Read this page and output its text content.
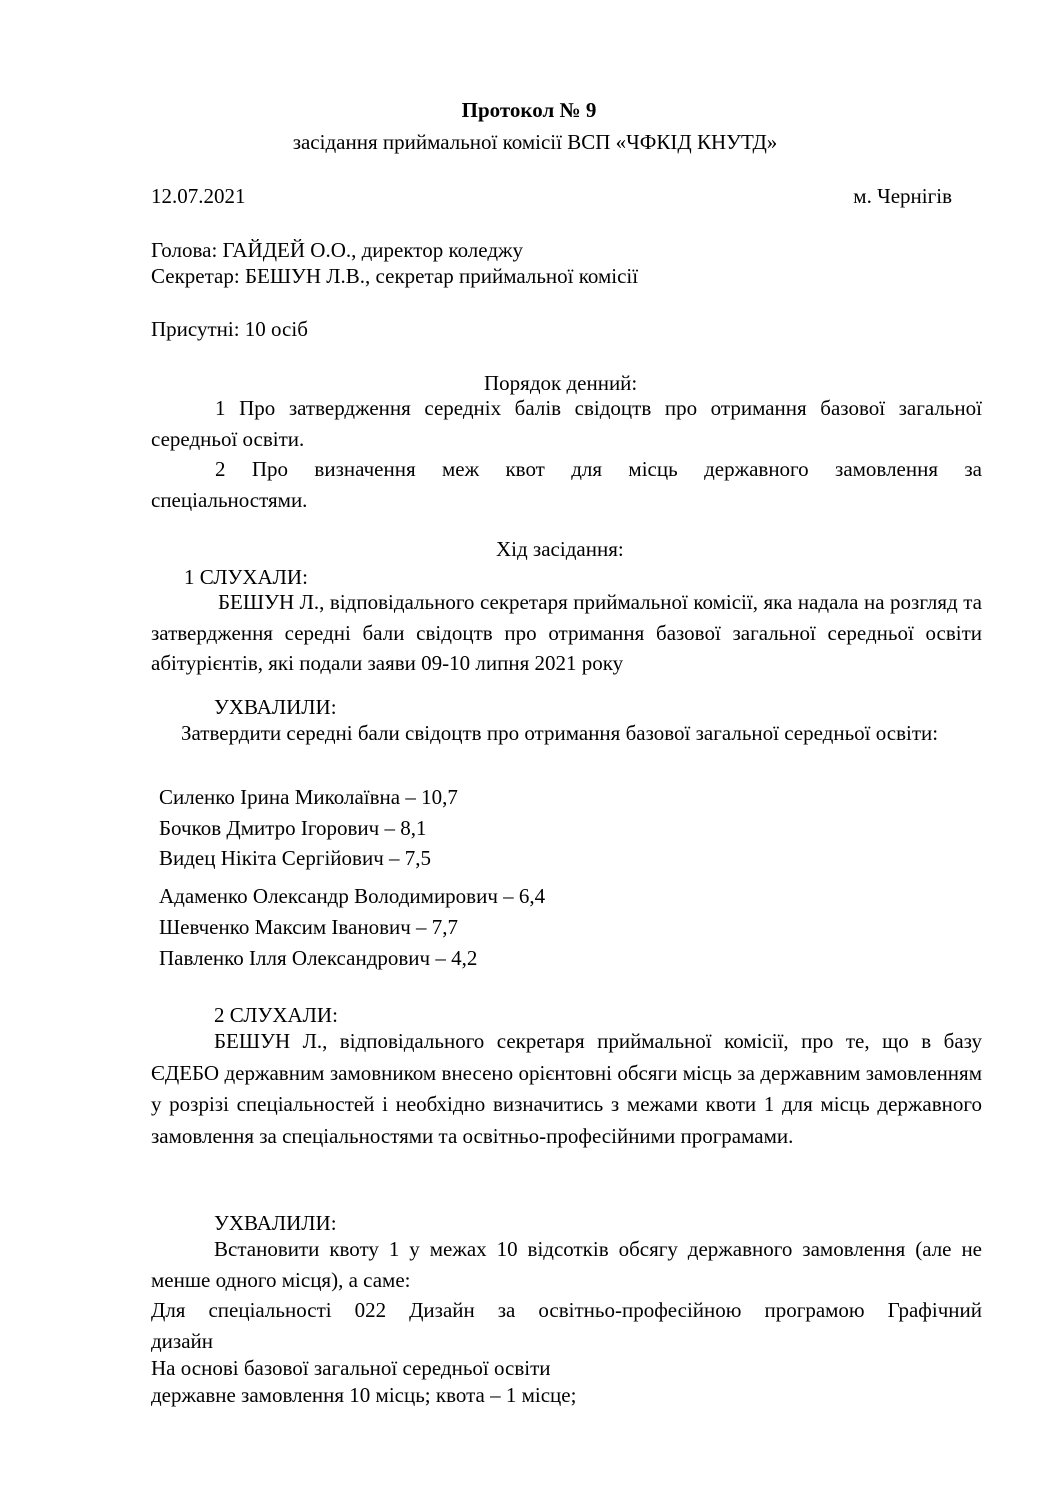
Протокол № 9
засідання приймальної комісії ВСП «ЧФКІД КНУТД»
12.07.2021	м. Чернігів
Голова: ГАЙДЕЙ О.О., директор коледжу
Секретар: БЕШУН Л.В., секретар приймальної комісії
Присутні: 10 осіб
Порядок денний:
1 Про затвердження середніх балів свідоцтв про отримання базової загальної середньої освіти.
2 Про визначення меж квот для місць державного замовлення за спеціальностями.
Хід засідання:
1 СЛУХАЛИ:
БЕШУН Л., відповідального секретаря приймальної комісії, яка надала на розгляд та затвердження середні бали свідоцтв про отримання базової загальної середньої освіти абітурієнтів, які подали заяви 09-10 липня 2021 року
УХВАЛИЛИ:
Затвердити середні бали свідоцтв про отримання базової загальної середньої освіти:
Силенко Ірина Миколаївна – 10,7
Бочков Дмитро Ігорович – 8,1
Видец Нікіта Сергійович – 7,5
Адаменко Олександр Володимирович – 6,4
Шевченко Максим Іванович – 7,7
Павленко Ілля Олександрович – 4,2
2 СЛУХАЛИ:
БЕШУН Л., відповідального секретаря приймальної комісії, про те, що в базу ЄДЕБО державним замовником внесено орієнтовні обсяги місць за державним замовленням у розрізі спеціальностей і необхідно визначитись з межами квоти 1 для місць державного замовлення за спеціальностями та освітньо-професійними програмами.
УХВАЛИЛИ:
Встановити квоту 1 у межах 10 відсотків обсягу державного замовлення (але не менше одного місця), а саме:
Для спеціальності 022 Дизайн за освітньо-професійною програмою Графічний дизайн
На основі базової загальної середньої освіти
державне замовлення 10 місць; квота – 1 місце;
